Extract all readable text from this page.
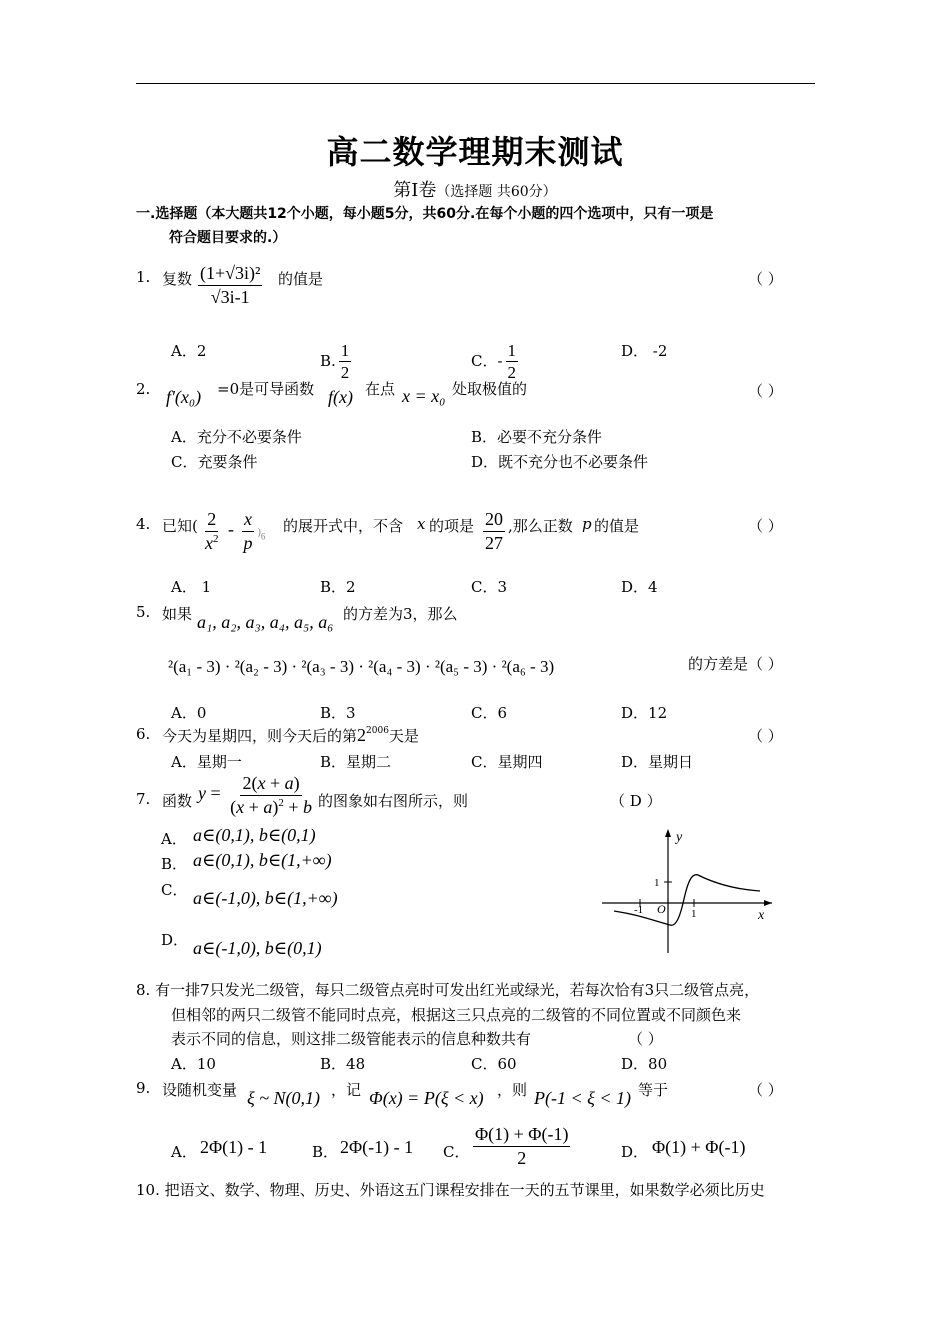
高二数学理期末测试
第Ⅰ卷（选择题 共60分）
一.选择题（本大题共12个小题，每小题5分，共60分.在每个小题的四个选项中，只有一项是
符合题目要求的.）
1. 复数 $\frac{\text{(1+√3i)²}}{√3i-1}$ 的值是	（ ）
A．2
B. $\frac{1}{2}$	C．- $\frac{1}{2}$	D． -2
2. f'(x₀) =0是可导函数 f(x) 在点 x = x₀ 处取极值的	（ ）
A．充分不必要条件	B．必要不充分条件
C．充要条件	D．既不充分也不必要条件
4. 已知( $\frac{2}{x^2} - \frac{x}{p} )_6$
的展开式中，不含 x 的项是 $\frac{20}{27}$ ,那么正数 p 的值是	（ ）
A． 1	B．2	C．3	D．4
5. 如果 a₁, a₂, a₃, a₄, a₅, a₆ 的方差为3，那么
²(a₁ - 3) · ²(a₂ - 3) · ²(a₃ - 3) · ²(a₄ - 3) · ²(a₅ - 3) · ²(a₆ - 3)	的方差是（ ）
A．0	B．3	C．6	D．12
6. 今天为星期四，则今天后的第$2^{2006}$天是	（ ）
A．星期一	B．星期二	C．星期四	D．星期日
7. 函数 $y = \frac{2(x + a)}{(x + a)^2 + b}$ 的图象如右图所示，则	（ D ）
A． a∈(0,1), b∈(0,1)
B． a∈(0,1), b∈(1,+∞)
C． a∈(-1,0), b∈(1,+∞)
D． a∈(-1,0), b∈(0,1)
y
x
O
-1	1
1
8. 有一排7只发光二级管，每只二级管点亮时可发出红光或绿光，若每次恰有3只二级管点亮，
但相邻的两只二级管不能同时点亮，根据这三只点亮的二级管的不同位置或不同颜色来
表示不同的信息，则这排二级管能表示的信息种数共有	（ ）
A．10	B．48	C．60	D．80
9. 设随机变量 ξ ~ N(0,1) ，记 Φ(x) = P(ξ < x) ，则 P(-1 < ξ < 1) 等于	（ ）
A． 2Φ(1) - 1	B． 2Φ(-1) - 1 C． $\frac{\Phi(1) + \Phi(-1)}{2}$	D． Φ(1) + Φ(-1)
10. 把语文、数学、物理、历史、外语这五门课程安排在一天的五节课里，如果数学必须比历史
